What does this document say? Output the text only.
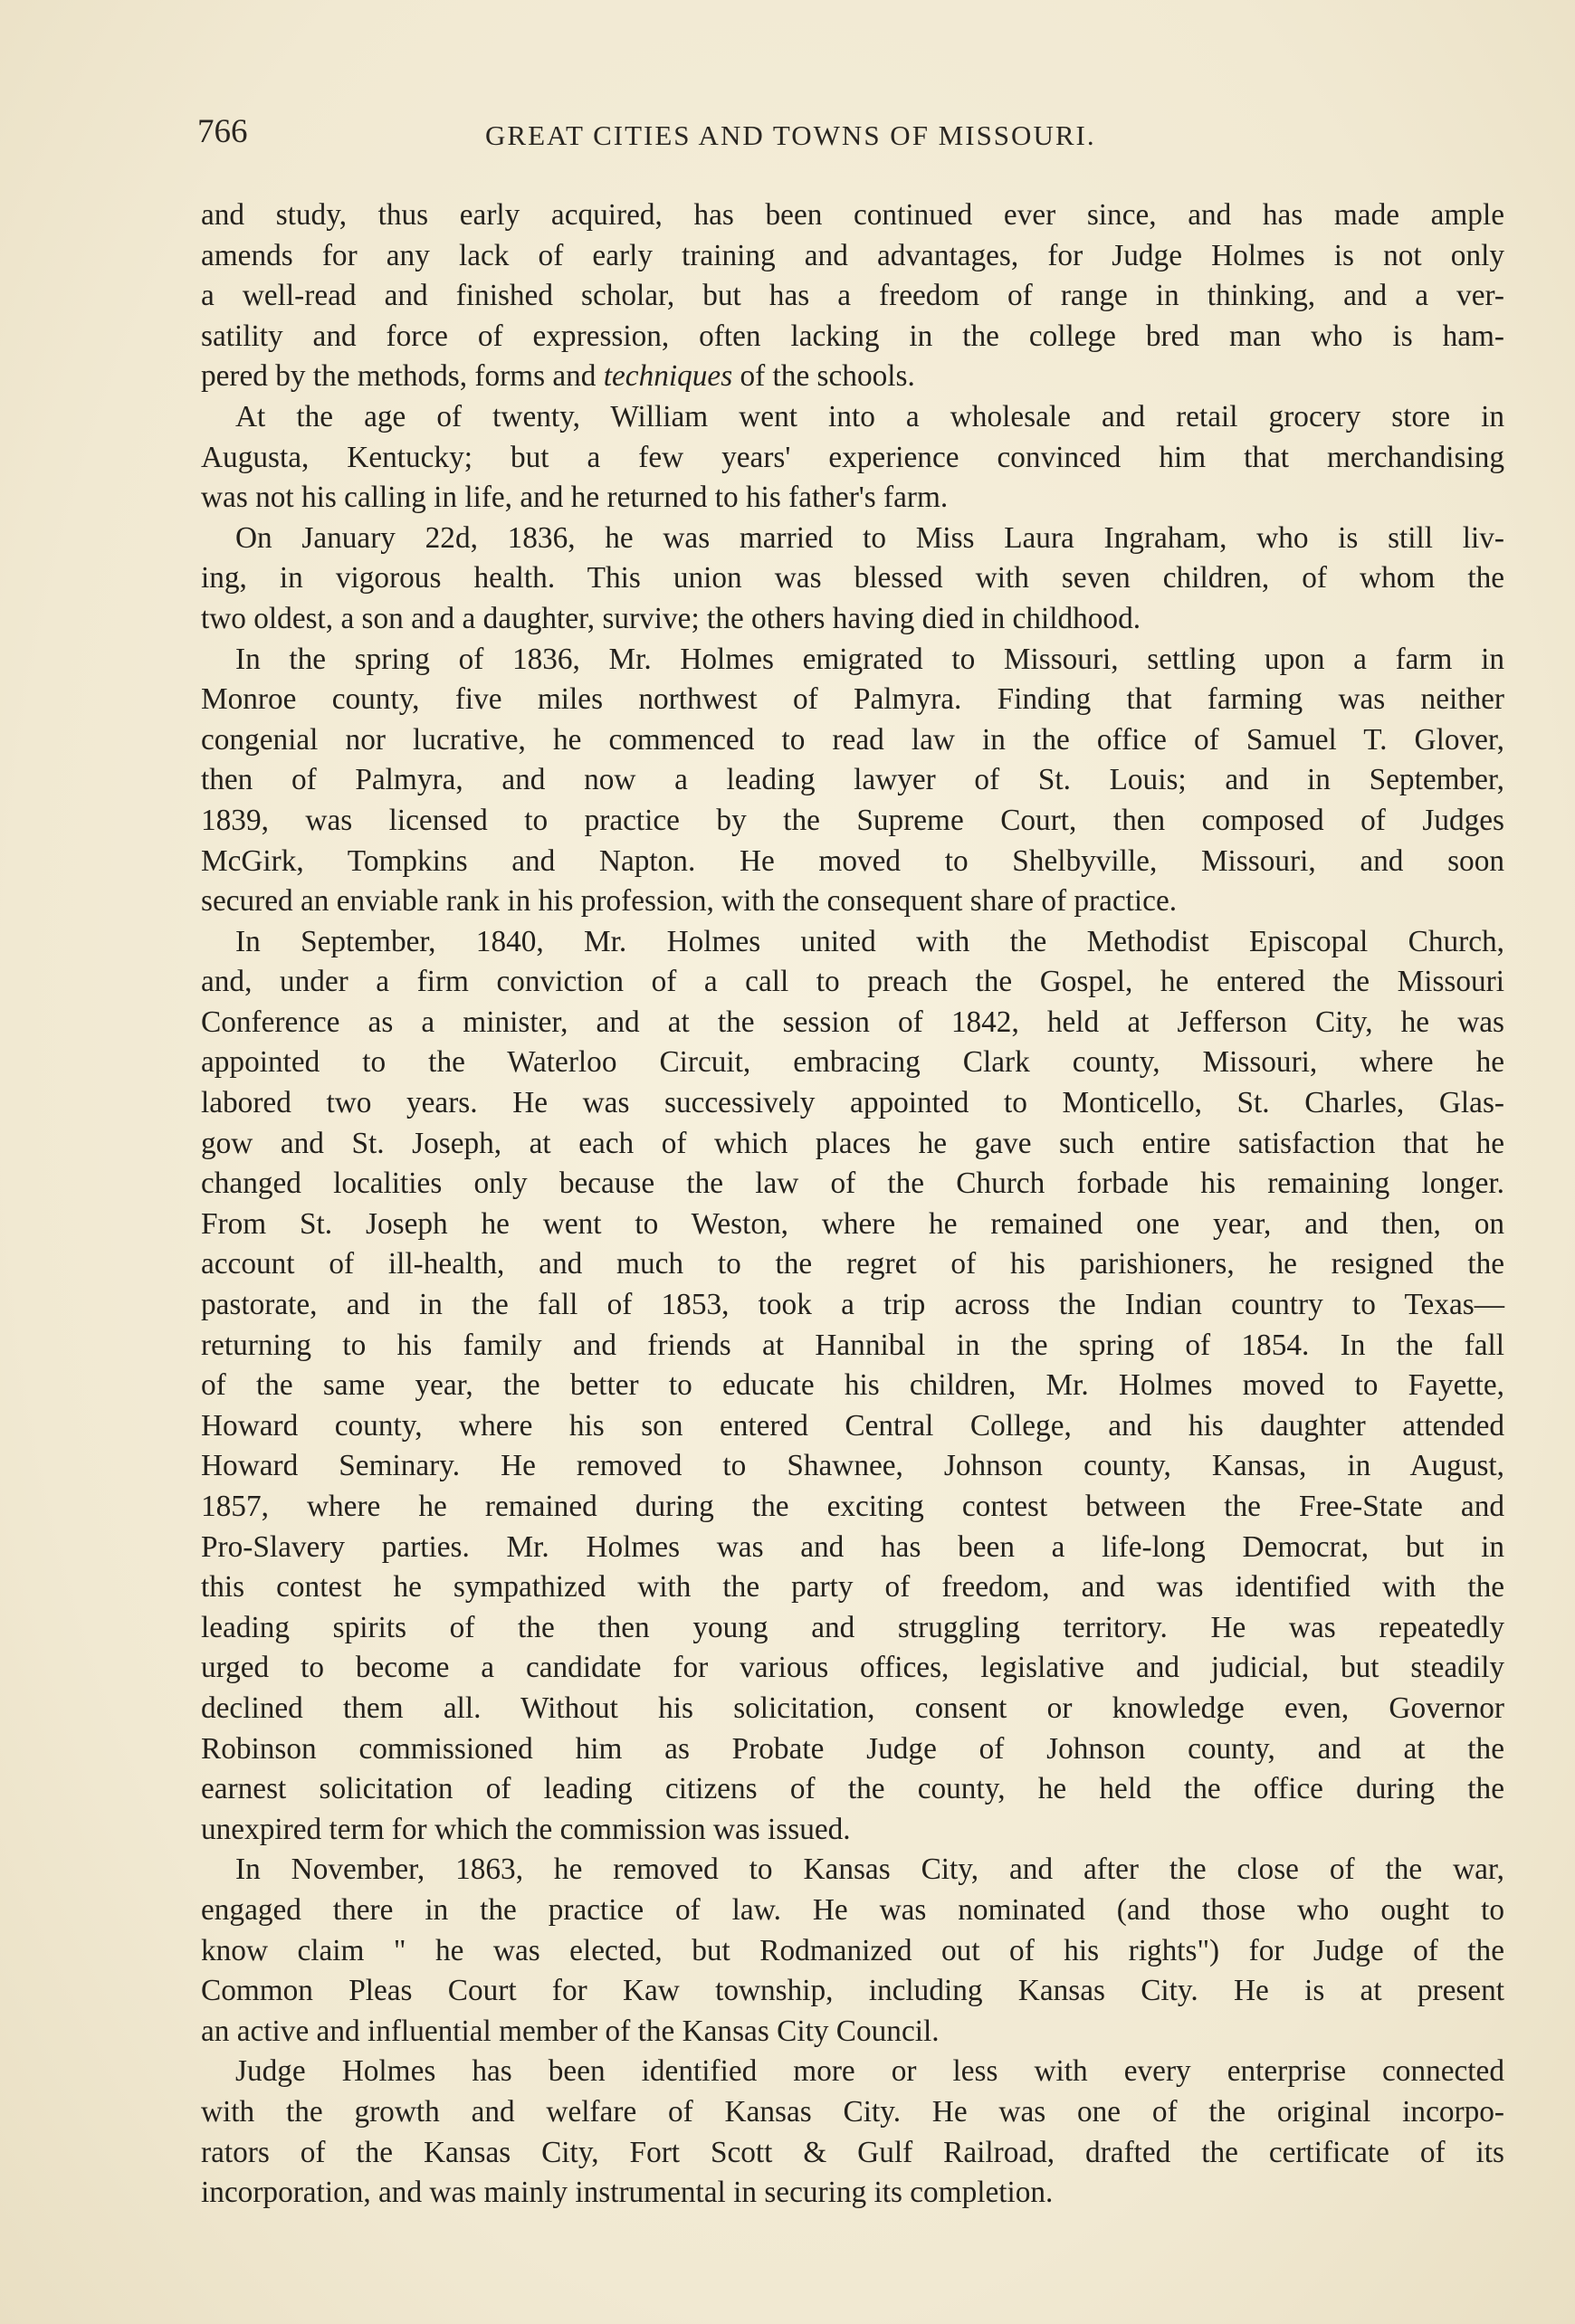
766	GREAT CITIES AND TOWNS OF MISSOURI.

and study, thus early acquired, has been continued ever since, and has made ample
amends for any lack of early training and advantages, for Judge Holmes is not only
a well-read and finished scholar, but has a freedom of range in thinking, and a ver-
satility and force of expression, often lacking in the college bred man who is ham-
pered by the methods, forms and techniques of the schools.

At the age of twenty, William went into a wholesale and retail grocery store in
Augusta, Kentucky; but a few years' experience convinced him that merchandising
was not his calling in life, and he returned to his father's farm.

On January 22d, 1836, he was married to Miss Laura Ingraham, who is still liv-
ing, in vigorous health. This union was blessed with seven children, of whom the
two oldest, a son and a daughter, survive; the others having died in childhood.

In the spring of 1836, Mr. Holmes emigrated to Missouri, settling upon a farm in
Monroe county, five miles northwest of Palmyra. Finding that farming was neither
congenial nor lucrative, he commenced to read law in the office of Samuel T. Glover,
then of Palmyra, and now a leading lawyer of St. Louis; and in September,
1839, was licensed to practice by the Supreme Court, then composed of Judges
McGirk, Tompkins and Napton. He moved to Shelbyville, Missouri, and soon
secured an enviable rank in his profession, with the consequent share of practice.

In September, 1840, Mr. Holmes united with the Methodist Episcopal Church,
and, under a firm conviction of a call to preach the Gospel, he entered the Missouri
Conference as a minister, and at the session of 1842, held at Jefferson City, he was
appointed to the Waterloo Circuit, embracing Clark county, Missouri, where he
labored two years. He was successively appointed to Monticello, St. Charles, Glas-
gow and St. Joseph, at each of which places he gave such entire satisfaction that he
changed localities only because the law of the Church forbade his remaining longer.
From St. Joseph he went to Weston, where he remained one year, and then, on
account of ill-health, and much to the regret of his parishioners, he resigned the
pastorate, and in the fall of 1853, took a trip across the Indian country to Texas—
returning to his family and friends at Hannibal in the spring of 1854. In the fall
of the same year, the better to educate his children, Mr. Holmes moved to Fayette,
Howard county, where his son entered Central College, and his daughter attended
Howard Seminary. He removed to Shawnee, Johnson county, Kansas, in August,
1857, where he remained during the exciting contest between the Free-State and
Pro-Slavery parties. Mr. Holmes was and has been a life-long Democrat, but in
this contest he sympathized with the party of freedom, and was identified with the
leading spirits of the then young and struggling territory. He was repeatedly
urged to become a candidate for various offices, legislative and judicial, but steadily
declined them all. Without his solicitation, consent or knowledge even, Governor
Robinson commissioned him as Probate Judge of Johnson county, and at the
earnest solicitation of leading citizens of the county, he held the office during the
unexpired term for which the commission was issued.

In November, 1863, he removed to Kansas City, and after the close of the war,
engaged there in the practice of law. He was nominated (and those who ought to
know claim " he was elected, but Rodmanized out of his rights") for Judge of the
Common Pleas Court for Kaw township, including Kansas City. He is at present
an active and influential member of the Kansas City Council.

Judge Holmes has been identified more or less with every enterprise connected
with the growth and welfare of Kansas City. He was one of the original incorpo-
rators of the Kansas City, Fort Scott & Gulf Railroad, drafted the certificate of its
incorporation, and was mainly instrumental in securing its completion.
